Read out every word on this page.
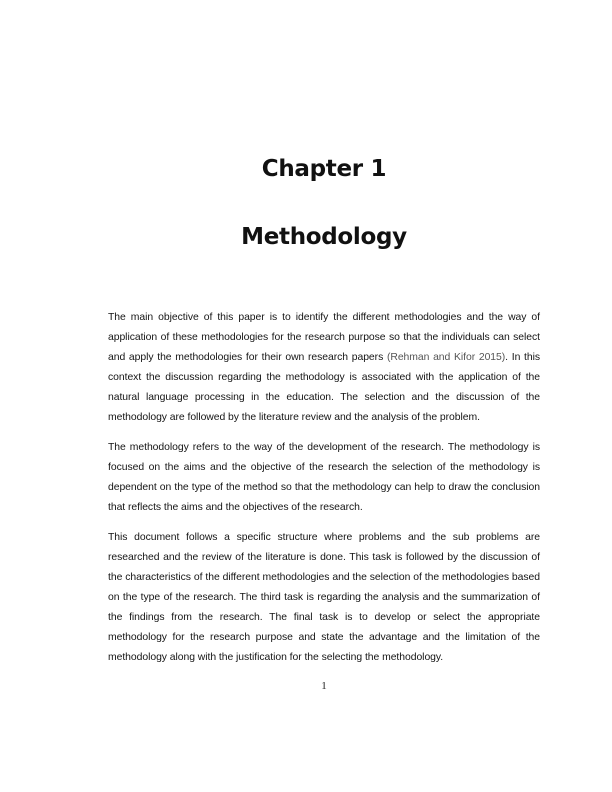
Chapter 1
Methodology

The main objective of this paper is to identify the different methodologies and the way of application of these methodologies for the research purpose so that the individuals can select and apply the methodologies for their own research papers (Rehman and Kifor 2015). In this context the discussion regarding the methodology is associated with the application of the natural language processing in the education. The selection and the discussion of the methodology are followed by the literature review and the analysis of the problem.

The methodology refers to the way of the development of the research. The methodology is focused on the aims and the objective of the research the selection of the methodology is dependent on the type of the method so that the methodology can help to draw the conclusion that reflects the aims and the objectives of the research.

This document follows a specific structure where problems and the sub problems are researched and the review of the literature is done. This task is followed by the discussion of the characteristics of the different methodologies and the selection of the methodologies based on the type of the research. The third task is regarding the analysis and the summarization of the findings from the research. The final task is to develop or select the appropriate methodology for the research purpose and state the advantage and the limitation of the methodology along with the justification for the selecting the methodology.

1
